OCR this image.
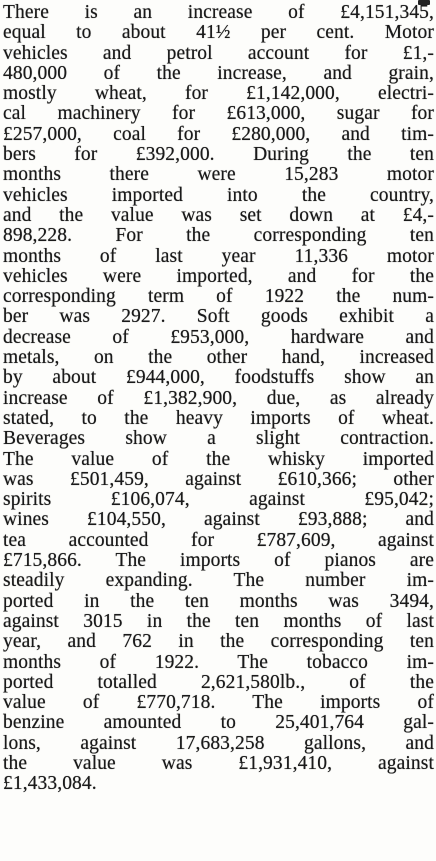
There is an increase of £4,151,345,
equal to about 41½ per cent. Motor
vehicles and petrol account for £1,-
480,000 of the increase, and grain,
mostly wheat, for £1,142,000, electri-
cal machinery for £613,000, sugar for
£257,000, coal for £280,000, and tim-
bers for £392,000. During the ten
months there were 15,283 motor
vehicles imported into the country,
and the value was set down at £4,-
898,228. For the corresponding ten
months of last year 11,336 motor
vehicles were imported, and for the
corresponding term of 1922 the num-
ber was 2927. Soft goods exhibit a
decrease of £953,000, hardware and
metals, on the other hand, increased
by about £944,000, foodstuffs show an
increase of £1,382,900, due, as already
stated, to the heavy imports of wheat.
Beverages show a slight contraction.
The value of the whisky imported
was £501,459, against £610,366; other
spirits £106,074, against £95,042;
wines £104,550, against £93,888; and
tea accounted for £787,609, against
£715,866. The imports of pianos are
steadily expanding. The number im-
ported in the ten months was 3494,
against 3015 in the ten months of last
year, and 762 in the corresponding ten
months of 1922. The tobacco im-
ported totalled 2,621,580lb., of the
value of £770,718. The imports of
benzine amounted to 25,401,764 gal-
lons, against 17,683,258 gallons, and
the value was £1,931,410, against
£1,433,084.
